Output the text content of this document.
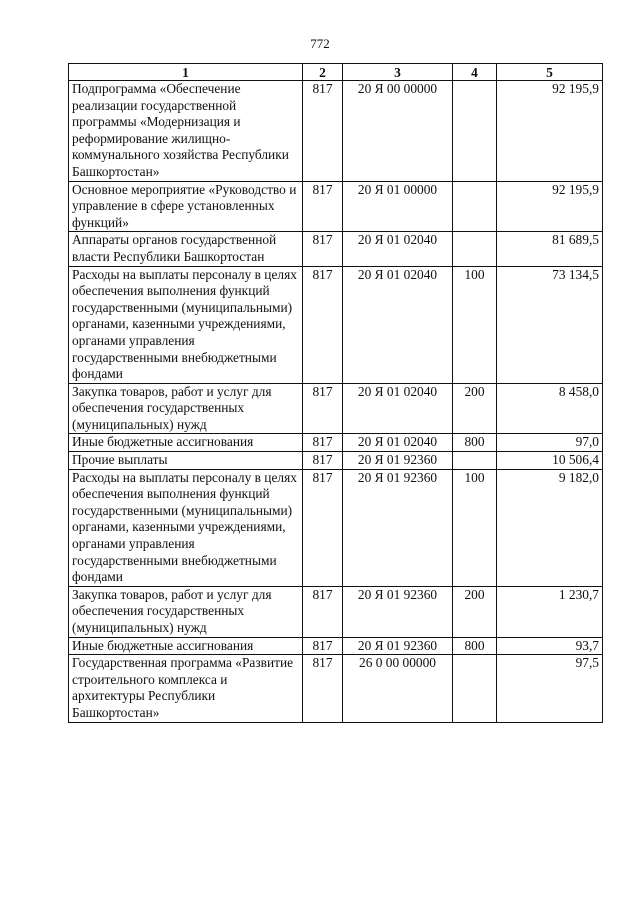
772
1	2	3	4	5
Подпрограмма «Обеспечение реализации государственной программы «Модернизация и реформирование жилищно-коммунального хозяйства Республики Башкортостан»	817	20 Я 00 00000		92 195,9
Основное мероприятие «Руководство и управление в сфере установленных функций»	817	20 Я 01 00000		92 195,9
Аппараты органов государственной власти Республики Башкортостан	817	20 Я 01 02040		81 689,5
Расходы на выплаты персоналу в целях обеспечения выполнения функций государственными (муниципальными) органами, казенными учреждениями, органами управления государственными внебюджетными фондами	817	20 Я 01 02040	100	73 134,5
Закупка товаров, работ и услуг для обеспечения государственных (муниципальных) нужд	817	20 Я 01 02040	200	8 458,0
Иные бюджетные ассигнования	817	20 Я 01 02040	800	97,0
Прочие выплаты	817	20 Я 01 92360		10 506,4
Расходы на выплаты персоналу в целях обеспечения выполнения функций государственными (муниципальными) органами, казенными учреждениями, органами управления государственными внебюджетными фондами	817	20 Я 01 92360	100	9 182,0
Закупка товаров, работ и услуг для обеспечения государственных (муниципальных) нужд	817	20 Я 01 92360	200	1 230,7
Иные бюджетные ассигнования	817	20 Я 01 92360	800	93,7
Государственная программа «Развитие строительного комплекса и архитектуры Республики Башкортостан»	817	26 0 00 00000		97,5
